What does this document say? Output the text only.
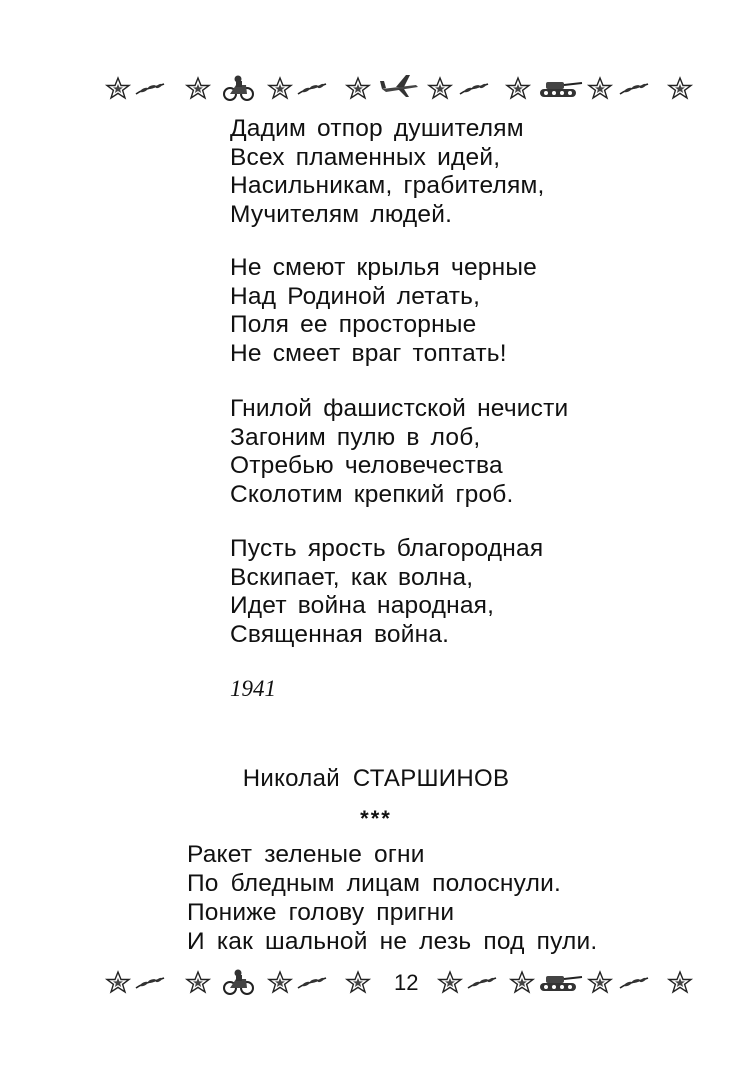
Дадим отпор душителям
Всех пламенных идей,
Насильникам, грабителям,
Мучителям людей.
Не смеют крылья черные
Над Родиной летать,
Поля ее просторные
Не смеет враг топтать!
Гнилой фашистской нечисти
Загоним пулю в лоб,
Отребью человечества
Сколотим крепкий гроб.
Пусть ярость благородная
Вскипает, как волна,
Идет война народная,
Священная война.
1941
Николай СТАРШИНОВ
***
Ракет зеленые огни
По бледным лицам полоснули.
Пониже голову пригни
И как шальной не лезь под пули.
12
